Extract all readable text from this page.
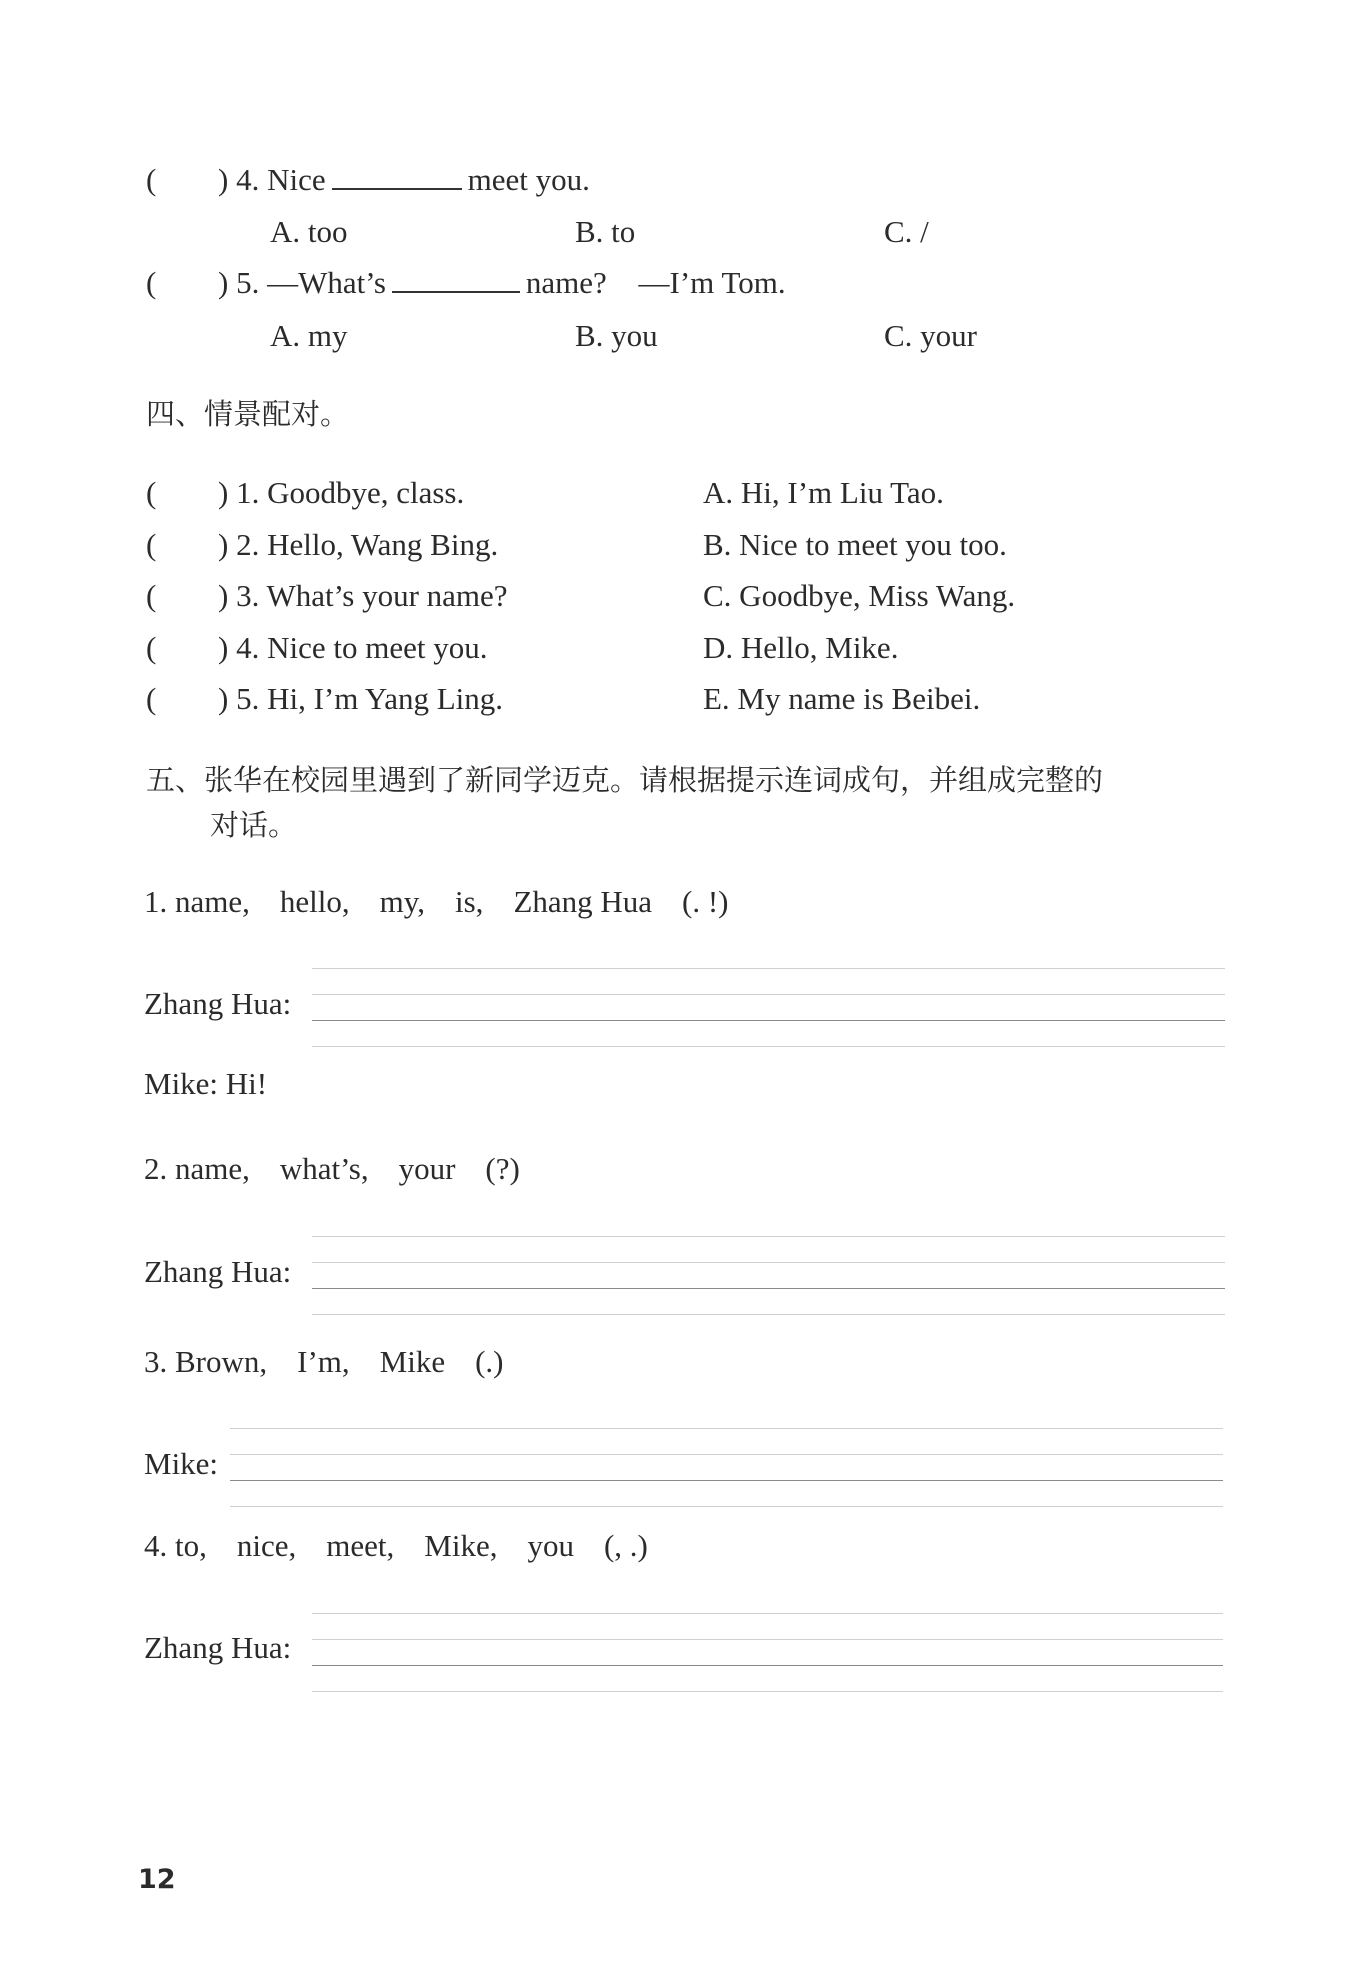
( ) 4. Nice	meet you.
A. too	B. to	C. /
( ) 5. —What’s	name? —I’m Tom.
A. my	B. you	C. your
四、情景配对。
( ) 1. Goodbye, class.	A. Hi, I’m Liu Tao.
( ) 2. Hello, Wang Bing.	B. Nice to meet you too.
( ) 3. What’s your name?	C. Goodbye, Miss Wang.
( ) 4. Nice to meet you.	D. Hello, Mike.
( ) 5. Hi, I’m Yang Ling.	E. My name is Beibei.
五、张华在校园里遇到了新同学迈克。请根据提示连词成句，并组成完整的
对话。
1. name, hello, my, is, Zhang Hua (. !)
Zhang Hua:
Mike: Hi!
2. name, what’s, your (?)
Zhang Hua:
3. Brown, I’m, Mike (.)
Mike:
4. to, nice, meet, Mike, you (, .)
Zhang Hua:
12
